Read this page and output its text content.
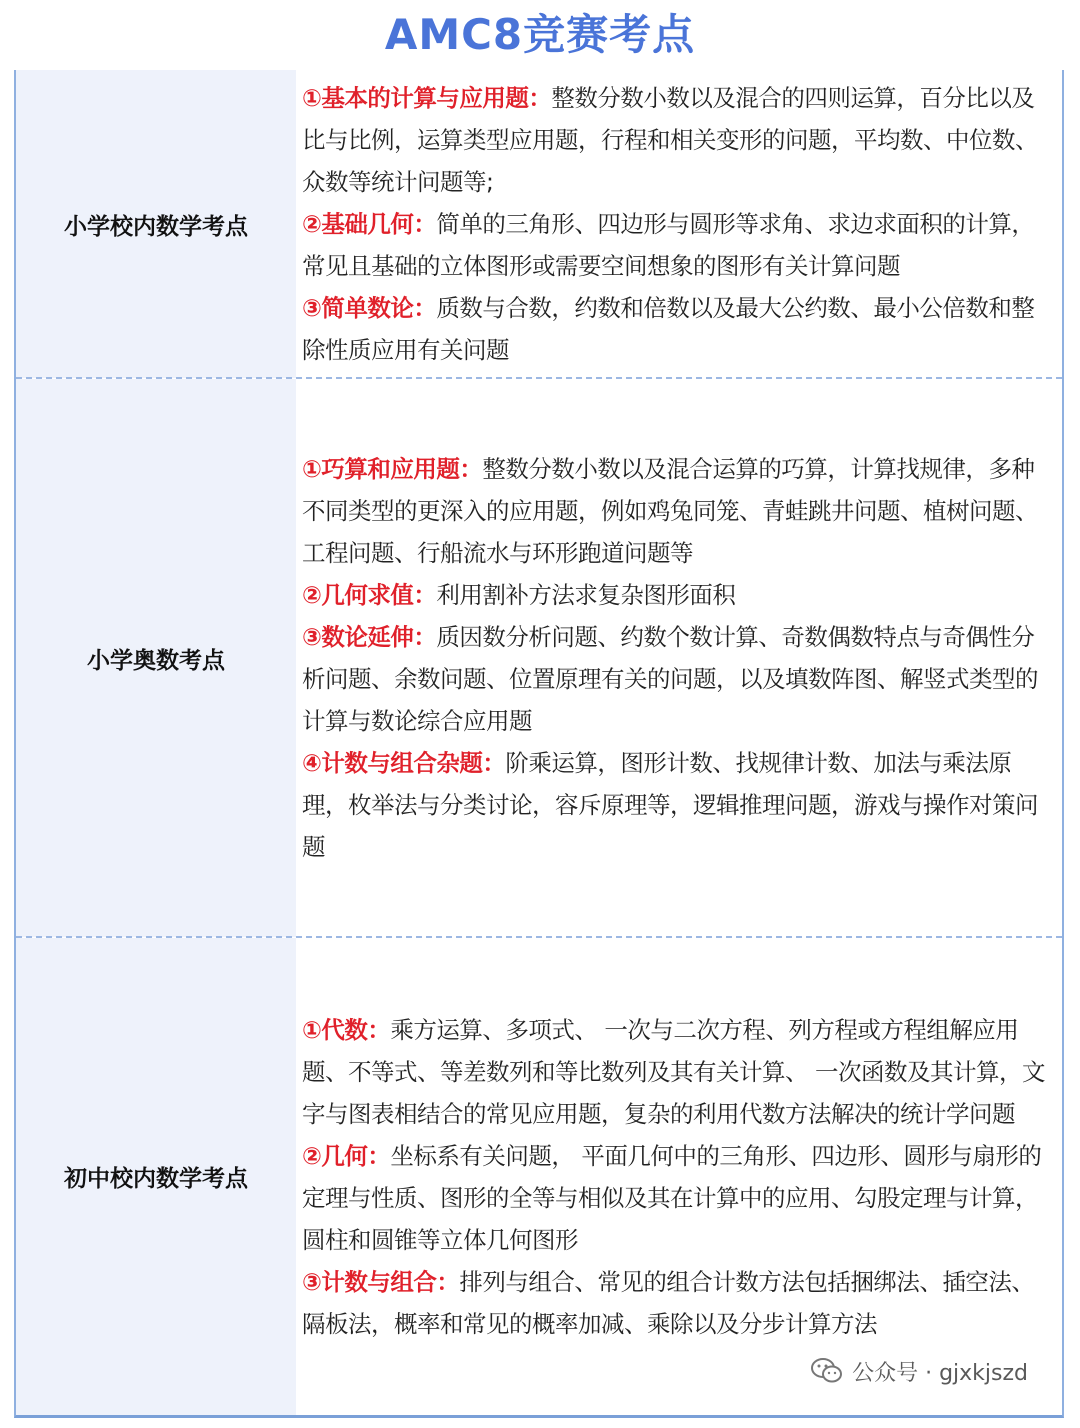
AMC8竞赛考点
小学校内数学考点
①基本的计算与应用题：整数分数小数以及混合的四则运算，百分比以及比与比例，运算类型应用题，行程和相关变形的问题，平均数、中位数、众数等统计问题等;
②基础几何：简单的三角形、四边形与圆形等求角、求边求面积的计算，常见且基础的立体图形或需要空间想象的图形有关计算问题
③简单数论：质数与合数，约数和倍数以及最大公约数、最小公倍数和整除性质应用有关问题
小学奥数考点
①巧算和应用题：整数分数小数以及混合运算的巧算，计算找规律，多种不同类型的更深入的应用题，例如鸡兔同笼、青蛙跳井问题、植树问题、工程问题、行船流水与环形跑道问题等
②几何求值：利用割补方法求复杂图形面积
③数论延伸：质因数分析问题、约数个数计算、奇数偶数特点与奇偶性分析问题、余数问题、位置原理有关的问题，以及填数阵图、解竖式类型的计算与数论综合应用题
④计数与组合杂题：阶乘运算，图形计数、找规律计数、加法与乘法原理，枚举法与分类讨论，容斥原理等，逻辑推理问题，游戏与操作对策问题
初中校内数学考点
①代数：乘方运算、多项式、 一次与二次方程、列方程或方程组解应用题、不等式、等差数列和等比数列及其有关计算、 一次函数及其计算，文字与图表相结合的常见应用题，复杂的利用代数方法解决的统计学问题
②几何：坐标系有关问题， 平面几何中的三角形、四边形、圆形与扇形的定理与性质、图形的全等与相似及其在计算中的应用、勾股定理与计算，圆柱和圆锥等立体几何图形
③计数与组合：排列与组合、常见的组合计数方法包括捆绑法、插空法、隔板法，概率和常见的概率加减、乘除以及分步计算方法
公众号 · gjxkjszd
